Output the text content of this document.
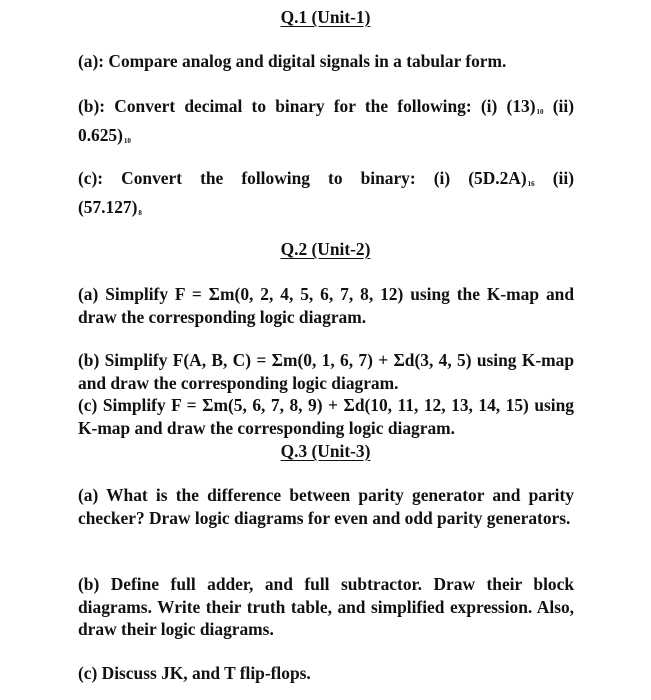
Q.1 (Unit-1)

(a): Compare analog and digital signals in a tabular form.

(b): Convert decimal to binary for the following: (i) $(13)_{10}$ (ii)
$0.625)_{10}$

(c): Convert the following to binary: (i) $(5D.2A)_{16}$ (ii)
$(57.127)_8$

Q.2 (Unit-2)

(a) Simplify F = Σm(0, 2, 4, 5, 6, 7, 8, 12) using the K-map and draw the corresponding logic diagram.

(b) Simplify F(A, B, C) = Σm(0, 1, 6, 7) + Σd(3, 4, 5) using K-map and draw the corresponding logic diagram.

(c) Simplify F = Σm(5, 6, 7, 8, 9) + Σd(10, 11, 12, 13, 14, 15) using K-map and draw the corresponding logic diagram.

Q.3 (Unit-3)

(a) What is the difference between parity generator and parity checker? Draw logic diagrams for even and odd parity generators.

(b) Define full adder, and full subtractor. Draw their block diagrams. Write their truth table, and simplified expression. Also, draw their logic diagrams.

(c) Discuss JK, and T flip-flops.
